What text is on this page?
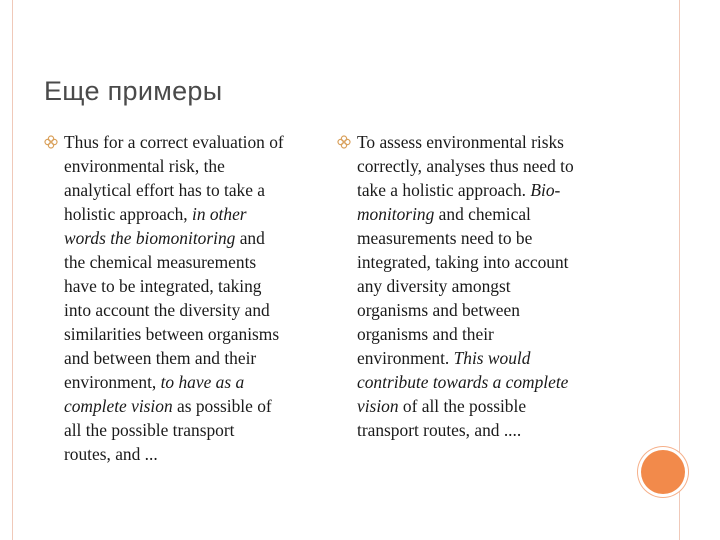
Еще примеры
Thus for a correct evaluation of
environmental risk, the
analytical effort has to take a
holistic approach, in other
words the biomonitoring and
the chemical measurements
have to be integrated, taking
into account the diversity and
similarities between organisms
and between them and their
environment, to have as a
complete vision as possible of
all the possible transport
routes, and ...
To assess environmental risks
correctly, analyses thus need to
take a holistic approach. Bio-
monitoring and chemical
measurements need to be
integrated, taking into account
any diversity amongst
organisms and between
organisms and their
environment. This would
contribute towards a complete
vision of all the possible
transport routes, and ....
